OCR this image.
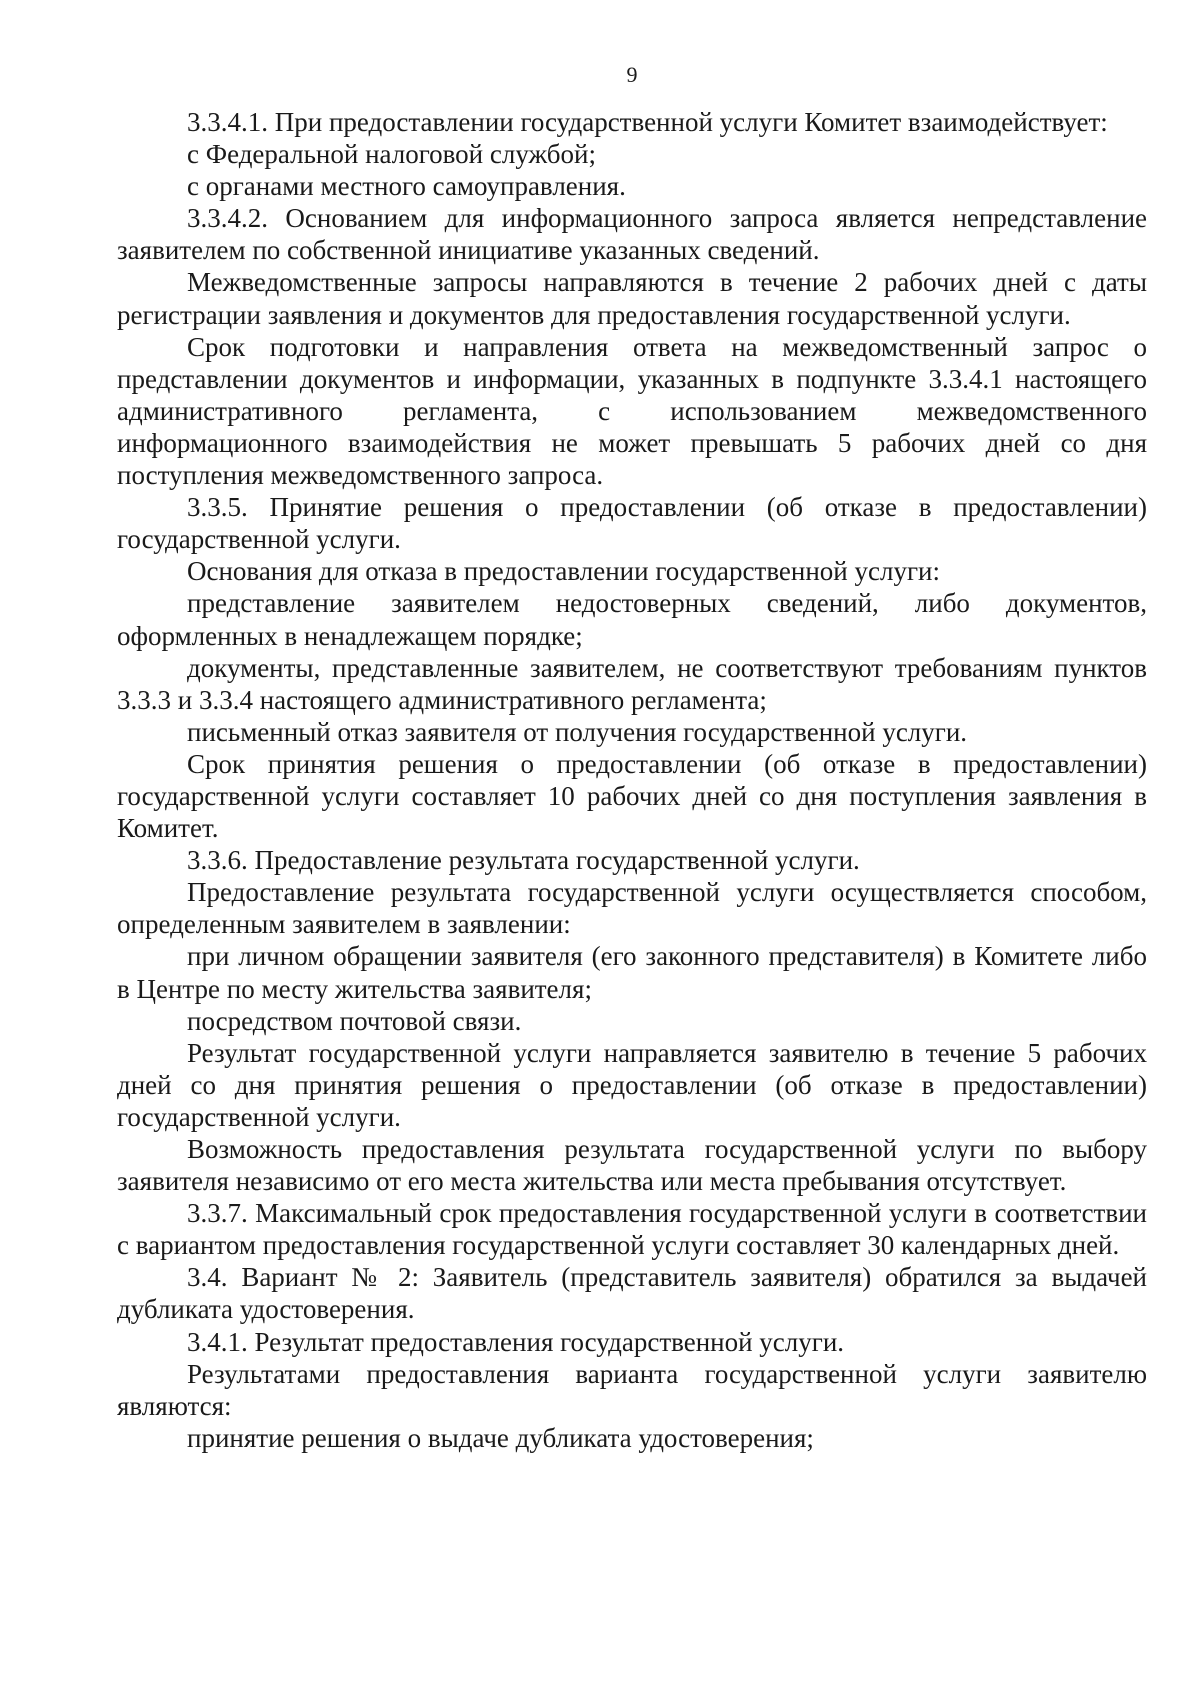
9

3.3.4.1. При предоставлении государственной услуги Комитет взаимодействует:

с Федеральной налоговой службой;

с органами местного самоуправления.

3.3.4.2. Основанием для информационного запроса является непредставление заявителем по собственной инициативе указанных сведений.

Межведомственные запросы направляются в течение 2 рабочих дней с даты регистрации заявления и документов для предоставления государственной услуги.

Срок подготовки и направления ответа на межведомственный запрос о представлении документов и информации, указанных в подпункте 3.3.4.1 настоящего административного регламента, с использованием межведомственного информационного взаимодействия не может превышать 5 рабочих дней со дня поступления межведомственного запроса.

3.3.5. Принятие решения о предоставлении (об отказе в предоставлении) государственной услуги.

Основания для отказа в предоставлении государственной услуги:

представление заявителем недостоверных сведений, либо документов, оформленных в ненадлежащем порядке;

документы, представленные заявителем, не соответствуют требованиям пунктов 3.3.3 и 3.3.4 настоящего административного регламента;

письменный отказ заявителя от получения государственной услуги.

Срок принятия решения о предоставлении (об отказе в предоставлении) государственной услуги составляет 10 рабочих дней со дня поступления заявления в Комитет.

3.3.6. Предоставление результата государственной услуги.

Предоставление результата государственной услуги осуществляется способом, определенным заявителем в заявлении:

при личном обращении заявителя (его законного представителя) в Комитете либо в Центре по месту жительства заявителя;

посредством почтовой связи.

Результат государственной услуги направляется заявителю в течение 5 рабочих дней со дня принятия решения о предоставлении (об отказе в предоставлении) государственной услуги.

Возможность предоставления результата государственной услуги по выбору заявителя независимо от его места жительства или места пребывания отсутствует.

3.3.7. Максимальный срок предоставления государственной услуги в соответствии с вариантом предоставления государственной услуги составляет 30 календарных дней.

3.4. Вариант № 2: Заявитель (представитель заявителя) обратился за выдачей дубликата удостоверения.

3.4.1. Результат предоставления государственной услуги.

Результатами предоставления варианта государственной услуги заявителю являются:

принятие решения о выдаче дубликата удостоверения;
